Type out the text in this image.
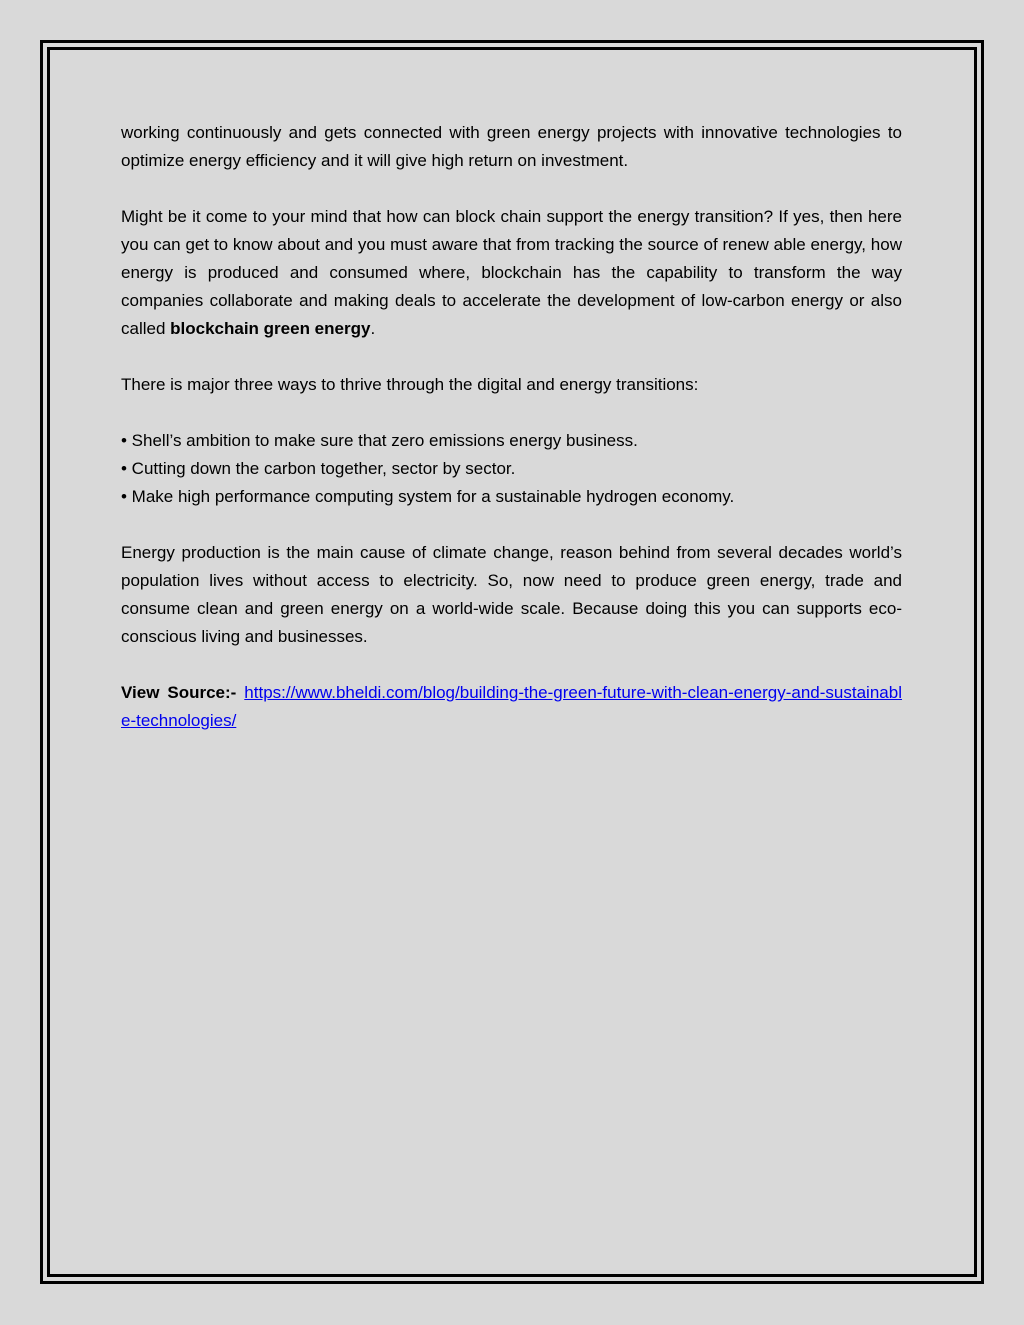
working continuously and gets connected with green energy projects with innovative technologies to optimize energy efficiency and it will give high return on investment.

Might be it come to your mind that how can block chain support the energy transition? If yes, then here you can get to know about and you must aware that from tracking the source of renew able energy, how energy is produced and consumed where, blockchain has the capability to transform the way companies collaborate and making deals to accelerate the development of low-carbon energy or also called blockchain green energy.

There is major three ways to thrive through the digital and energy transitions:

• Shell’s ambition to make sure that zero emissions energy business.
• Cutting down the carbon together, sector by sector.
• Make high performance computing system for a sustainable hydrogen economy.

Energy production is the main cause of climate change, reason behind from several decades world’s population lives without access to electricity. So, now need to produce green energy, trade and consume clean and green energy on a world-wide scale. Because doing this you can supports eco-conscious living and businesses.

View Source:- https://www.bheldi.com/blog/building-the-green-future-with-clean-energy-and-sustainable-technologies/
